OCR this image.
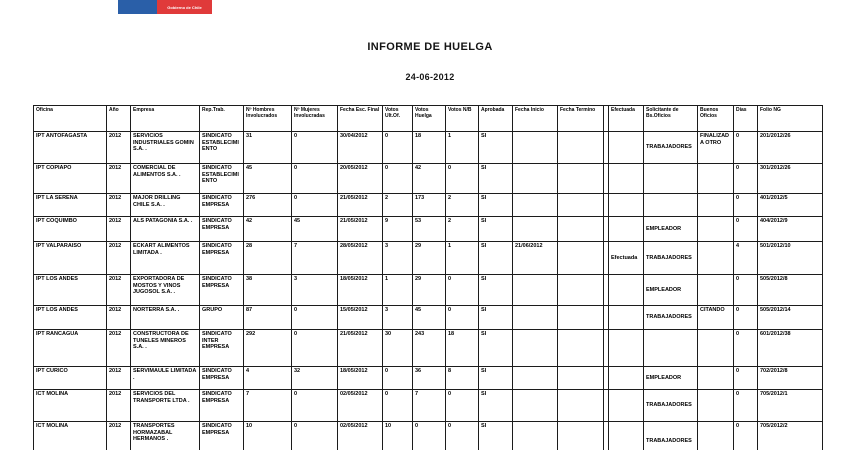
Gobierno de Chile
INFORME DE HUELGA
24-06-2012
Oficina	Año	Empresa	Rep.Trab.	Nº Hombres Involucrados	Nº Mujeres Involucradas	Fecha Esc. Final	Votos Ult.Of.	Votos Huelga	Votos N/B	Aprobada	Fecha Inicio	Fecha Termino		Efectuada	Solicitante de Bs.Oficios	Buenos Oficios	Días	Folio NG
IPT ANTOFAGASTA	2012	SERVICIOS INDUSTRIALES GOMIN S.A. .	SINDICATO ESTABLECIMIENTO	31	0	30/04/2012	0	18	1	SI					TRABAJADORES	FINALIZADA OTRO	0	201/2012/26
IPT COPIAPO	2012	COMERCIAL DE ALIMENTOS S.A. .	SINDICATO ESTABLECIMIENTO	45	0	20/05/2012	0	42	0	SI							0	301/2012/26
IPT LA SERENA	2012	MAJOR DRILLING CHILE S.A. .	SINDICATO EMPRESA	276	0	21/05/2012	2	173	2	SI							0	401/2012/5
IPT COQUIMBO	2012	ALS PATAGONIA S.A. .	SINDICATO EMPRESA	42	45	21/05/2012	9	53	2	SI					EMPLEADOR		0	404/2012/9
IPT VALPARAISO	2012	ECKART ALIMENTOS LIMITADA .	SINDICATO EMPRESA	28	7	28/05/2012	3	29	1	SI	21/06/2012			Efectuada	TRABAJADORES		4	501/2012/10
IPT LOS ANDES	2012	EXPORTADORA DE MOSTOS Y VINOS JUGOSOL S.A. .	SINDICATO EMPRESA	38	3	18/05/2012	1	29	0	SI					EMPLEADOR		0	505/2012/8
IPT LOS ANDES	2012	NORTERRA S.A. .	GRUPO	87	0	15/05/2012	3	45	0	SI					TRABAJADORES	CITANDO	0	505/2012/14
IPT RANCAGUA	2012	CONSTRUCTORA DE TUNELES MINEROS S.A. .	SINDICATO INTER EMPRESA	292	0	21/05/2012	30	243	18	SI							0	601/2012/38
IPT CURICO	2012	SERVIMAULE LIMITADA .	SINDICATO EMPRESA	4	32	18/05/2012	0	36	8	SI					EMPLEADOR		0	702/2012/8
ICT MOLINA	2012	SERVICIOS DEL TRANSPORTE LTDA .	SINDICATO EMPRESA	7	0	02/05/2012	0	7	0	SI					TRABAJADORES		0	705/2012/1
ICT MOLINA	2012	TRANSPORTES HORMAZABAL HERMANOS .	SINDICATO EMPRESA	10	0	02/05/2012	10	0	0	SI					TRABAJADORES		0	705/2012/2
